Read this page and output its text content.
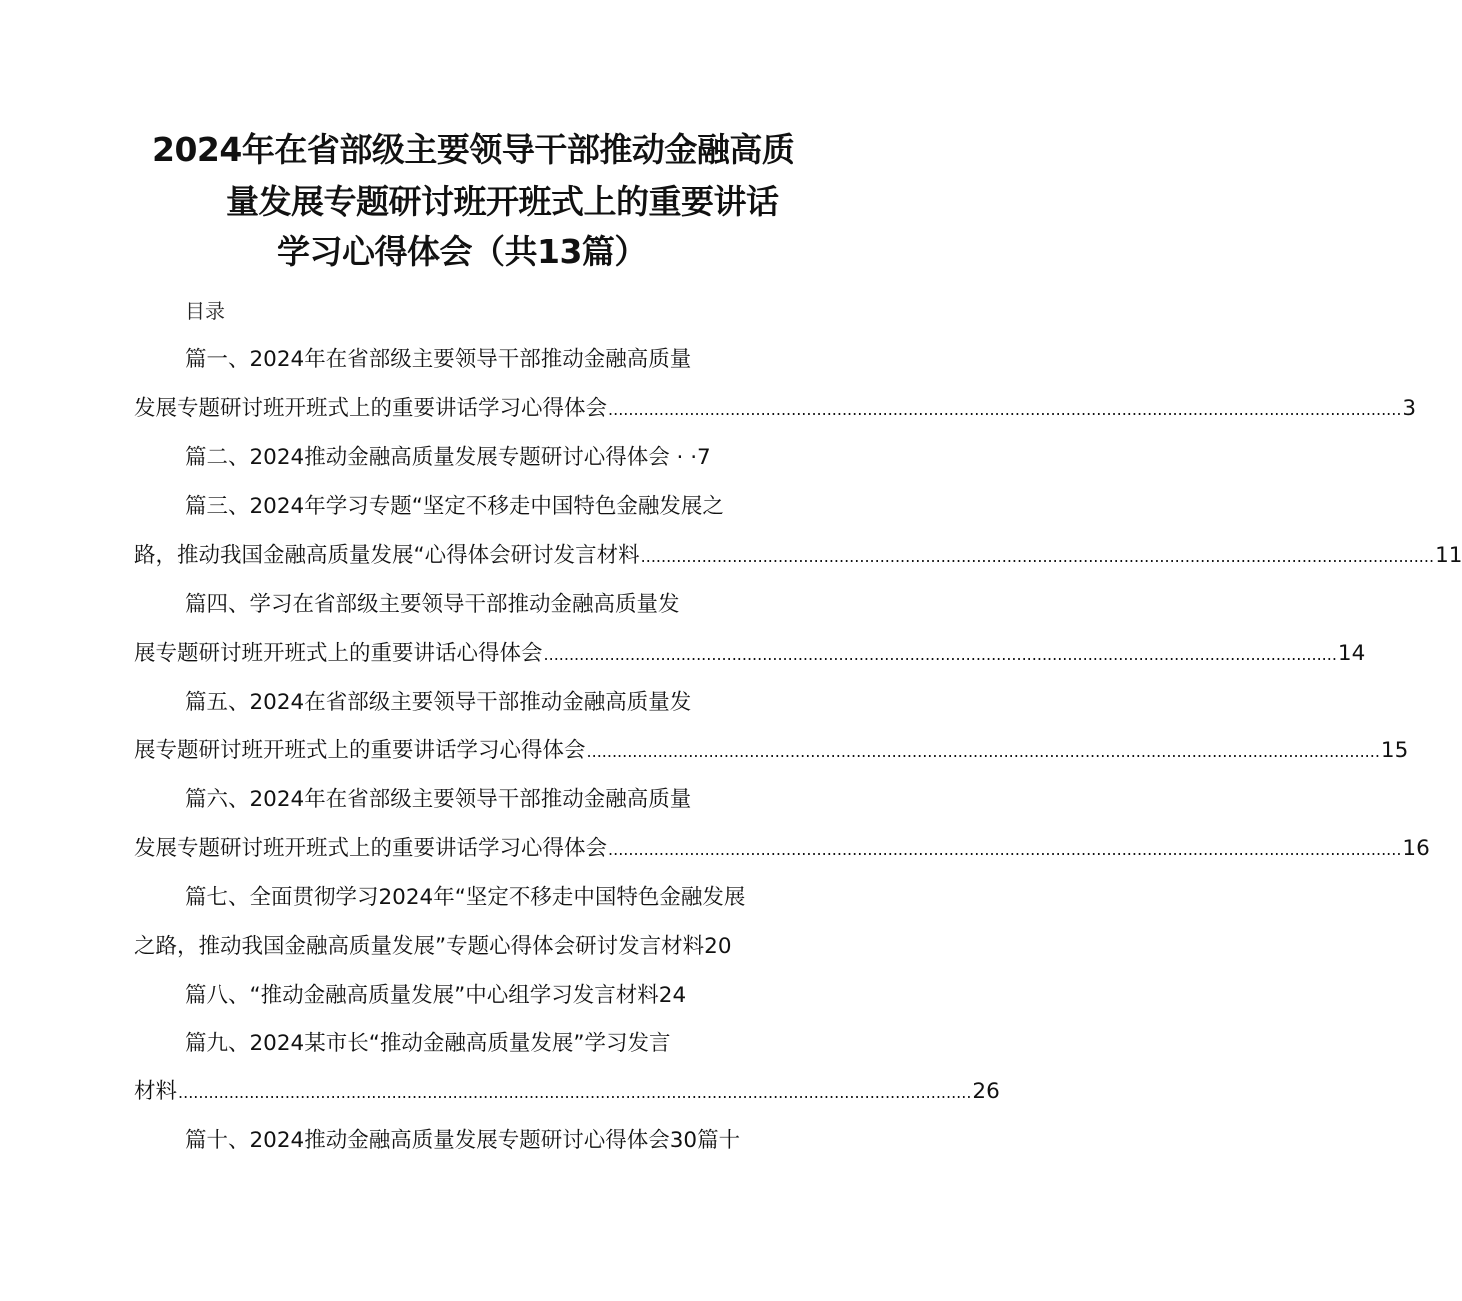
2024年在省部级主要领导干部推动金融高质
量发展专题研讨班开班式上的重要讲话
学习心得体会（共13篇）
目录
篇一、2024年在省部级主要领导干部推动金融高质量
发展专题研讨班开班式上的重要讲话学习心得体会 ............................................................................................................................................................ 3
篇二、2024推动金融高质量发展专题研讨心得体会 · ·7
篇三、2024年学习专题“坚定不移走中国特色金融发展之
路，推动我国金融高质量发展“心得体会研讨发言材料 ............................................................................................................................................................ 11
篇四、学习在省部级主要领导干部推动金融高质量发
展专题研讨班开班式上的重要讲话心得体会 ............................................................................................................................................................ 14
篇五、2024在省部级主要领导干部推动金融高质量发
展专题研讨班开班式上的重要讲话学习心得体会 ............................................................................................................................................................ 15
篇六、2024年在省部级主要领导干部推动金融高质量
发展专题研讨班开班式上的重要讲话学习心得体会 ............................................................................................................................................................ 16
篇七、全面贯彻学习2024年“坚定不移走中国特色金融发展
之路，推动我国金融高质量发展”专题心得体会研讨发言材料20
篇八、“推动金融高质量发展”中心组学习发言材料24
篇九、2024某市长“推动金融高质量发展”学习发言
材料 ............................................................................................................................................................ 26
篇十、2024推动金融高质量发展专题研讨心得体会30篇十
